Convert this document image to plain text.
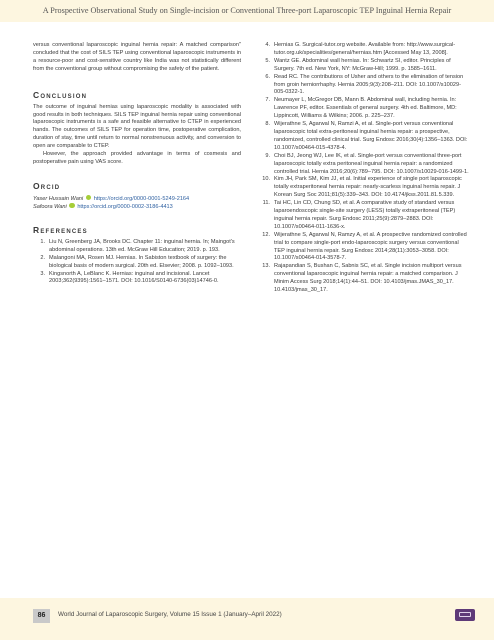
A Prospective Observational Study on Single-incision or Conventional Three-port Laparoscopic TEP Inguinal Hernia Repair

versus conventional laparoscopic inguinal hernia repair: A matched comparison" concluded that the cost of SILS TEP using conventional laparoscopic instruments in a resource-poor and cost-sensitive country like India was not statistically different from the conventional group without compromising the safety of the patient.

Conclusion

The outcome of inguinal hernias using laparoscopic modality is associated with good results in both techniques. SILS TEP inguinal hernia repair using conventional laparoscopic instruments is a safe and feasible alternative to CTEP in experienced hands. The outcomes of SILS TEP for operation time, postoperative complication, duration of stay, time until return to normal nonstrenuous activity, and conversion to open are comparable to CTEP.

However, the approach provided advantage in terms of cosmesis and postoperative pain using VAS score.

Orcid
Yaser Hussain Wani https://orcid.org/0000-0001-5249-2164
Safoora Wani https://orcid.org/0000-0002-3186-4413
References
1. Liu N, Greenberg JA, Brooks DC. Chapter 11: inguinal hernia. In; Maingot's abdominal operations. 13th ed. McGraw Hill Education; 2019. p. 193.
2. Malangoni MA, Rosen MJ. Hernias. In Sabiston textbook of surgery: the biological basis of modern surgical. 20th ed. Elsevier; 2008. p. 1092–1093.
3. Kingsnorth A, LeBlanc K. Hernias: inguinal and incisional. Lancet 2003;362(9395):1561–1571. DOI: 10.1016/S0140-6736(03)14746-0.
4. Hernias G. Surgical-tutor.org website. Available from: http://www.surgical-tutor.org.uk/specialities/general/hernias.htm [Accessed May 13, 2008].
5. Wantz GE. Abdominal wall hernias. In: Schwartz SI, editor. Principles of Surgery. 7th ed. New York, NY: McGraw-Hill; 1999. p. 1585–1611.
6. Read RC. The contributions of Usher and others to the elimination of tension from groin herniorrhaphy. Hernia 2005;9(3):208–211. DOI: 10.1007/s10029-005-0322-1.
7. Neumayer L, McGregor DB, Mann B. Abdominal wall, including hernia. In: Lawrence PF, editor. Essentials of general surgery. 4th ed. Baltimore, MD: Lippincott, Williams & Wilkins; 2006. p. 225–237.
8. Wijerathne S, Agarwal N, Ramzi A, et al. Single-port versus conventional laparoscopic total extra-peritoneal inguinal hernia repair: a prospective, randomized, controlled clinical trial. Surg Endosc 2016;30(4):1356–1363. DOI: 10.1007/s00464-015-4378-4.
9. Choi BJ, Jeong WJ, Lee IK, et al. Single-port versus conventional three-port laparoscopic totally extra peritoneal inguinal hernia repair: a randomized controlled trial. Hernia 2016;20(6):789–795. DOI: 10.1007/s10029-016-1499-1.
10. Kim JH, Park SM, Kim JJ, et al. Initial experience of single port laparoscopic totally extraperitoneal hernia repair: nearly-scarless inguinal hernia repair. J Korean Surg Soc 2011;81(5):339–343. DOI: 10.4174/jkss.2011.81.5.339.
11. Tai HC, Lin CD, Chung SD, et al. A comparative study of standard versus laparoendoscopic single-site surgery (LESS) totally extraperitoneal (TEP) inguinal hernia repair. Surg Endosc 2011;25(9):2879–2883. DOI: 10.1007/s00464-011-1636-x.
12. Wijerathne S, Agarwal N, Ramzy A, et al. A prospective randomized controlled trial to compare single-port endo-laparoscopic surgery versus conventional TEP inguinal hernia repair. Surg Endosc 2014;28(11):3053–3058. DOI: 10.1007/s00464-014-3578-7.
13. Rajapandian S, Bushan C, Sabnis SC, et al. Single incision multiport versus conventional laparoscopic inguinal hernia repair: a matched comparison. J Minim Access Surg 2018;14(1):44–51. DOI: 10.4103/jmas.JMAS_30_17. 10.4103/jmas_30_17.
86	World Journal of Laparoscopic Surgery, Volume 15 Issue 1 (January–April 2022)
